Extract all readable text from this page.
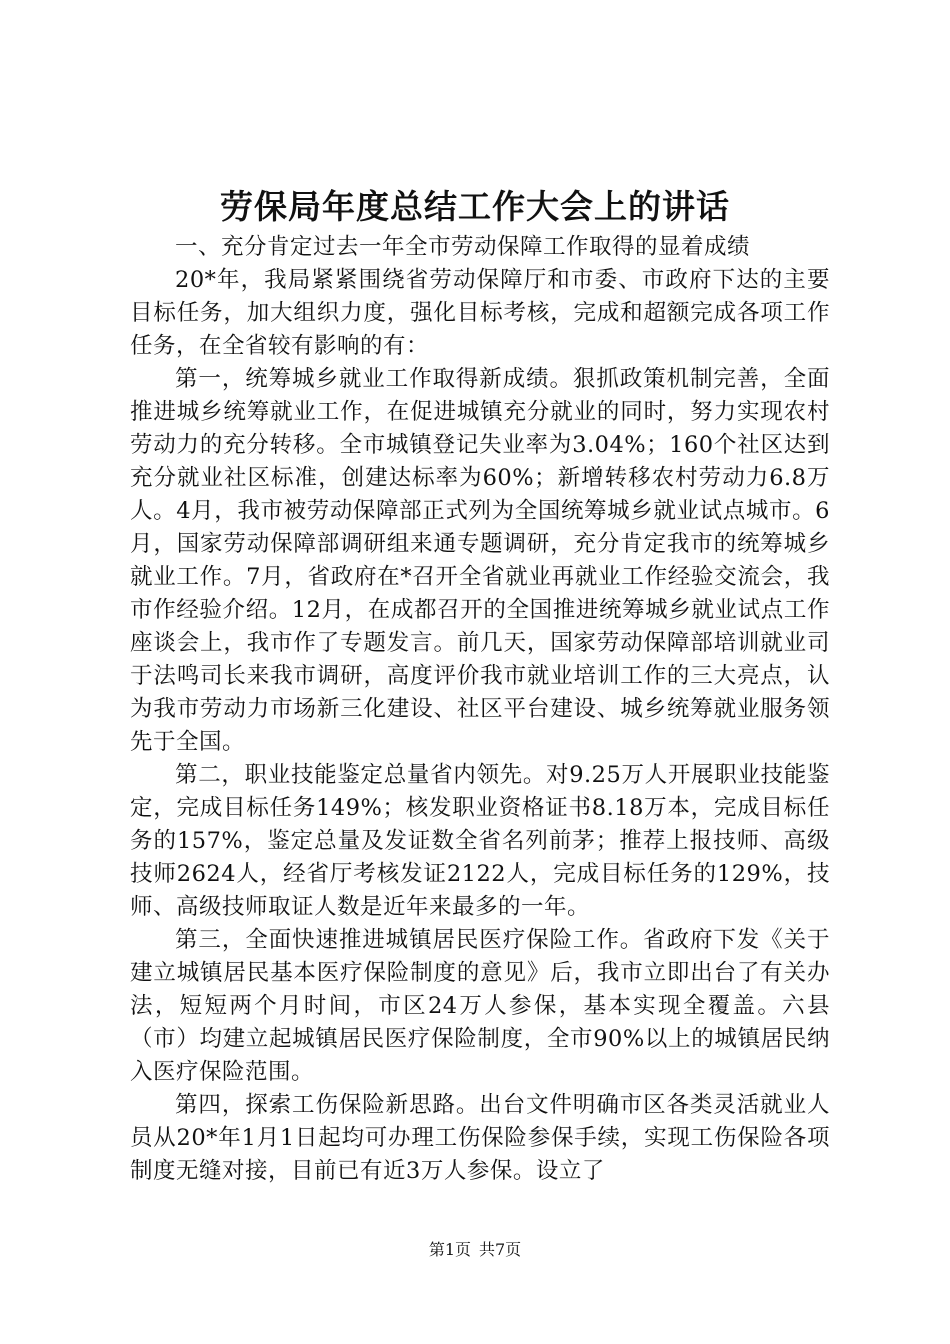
劳保局年度总结工作大会上的讲话

一、充分肯定过去一年全市劳动保障工作取得的显着成绩

20*年，我局紧紧围绕省劳动保障厅和市委、市政府下达的主要目标任务，加大组织力度，强化目标考核，完成和超额完成各项工作任务，在全省较有影响的有：

第一，统筹城乡就业工作取得新成绩。狠抓政策机制完善，全面推进城乡统筹就业工作，在促进城镇充分就业的同时，努力实现农村劳动力的充分转移。全市城镇登记失业率为3.04%；160个社区达到充分就业社区标准，创建达标率为60%；新增转移农村劳动力6.8万人。4月，我市被劳动保障部正式列为全国统筹城乡就业试点城市。6月，国家劳动保障部调研组来通专题调研，充分肯定我市的统筹城乡就业工作。7月，省政府在*召开全省就业再就业工作经验交流会，我市作经验介绍。12月，在成都召开的全国推进统筹城乡就业试点工作座谈会上，我市作了专题发言。前几天，国家劳动保障部培训就业司于法鸣司长来我市调研，高度评价我市就业培训工作的三大亮点，认为我市劳动力市场新三化建设、社区平台建设、城乡统筹就业服务领先于全国。

第二，职业技能鉴定总量省内领先。对9.25万人开展职业技能鉴定，完成目标任务149%；核发职业资格证书8.18万本，完成目标任务的157%，鉴定总量及发证数全省名列前茅；推荐上报技师、高级技师2624人，经省厅考核发证2122人，完成目标任务的129%，技师、高级技师取证人数是近年来最多的一年。

第三，全面快速推进城镇居民医疗保险工作。省政府下发《关于建立城镇居民基本医疗保险制度的意见》后，我市立即出台了有关办法，短短两个月时间，市区24万人参保，基本实现全覆盖。六县（市）均建立起城镇居民医疗保险制度，全市90%以上的城镇居民纳入医疗保险范围。

第四，探索工伤保险新思路。出台文件明确市区各类灵活就业人员从20*年1月1日起均可办理工伤保险参保手续，实现工伤保险各项制度无缝对接，目前已有近3万人参保。设立了

第1页 共7页
